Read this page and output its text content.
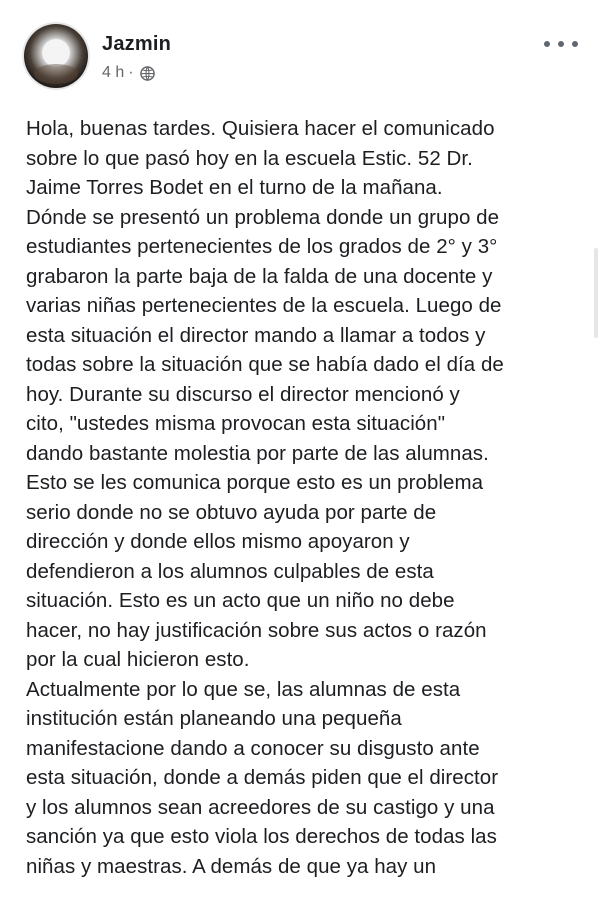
Jazmin
4 h ·
Hola, buenas tardes. Quisiera hacer el comunicado
sobre lo que pasó hoy en la escuela Estic. 52 Dr.
Jaime Torres Bodet en el turno de la mañana.
Dónde se presentó un problema donde un grupo de
estudiantes pertenecientes de los grados de 2° y 3°
grabaron la parte baja de la falda de una docente y
varias niñas pertenecientes de la escuela. Luego de
esta situación el director mando a llamar a todos y
todas sobre la situación que se había dado el día de
hoy. Durante su discurso el director mencionó y
cito, "ustedes misma provocan esta situación"
dando bastante molestia por parte de las alumnas.
Esto se les comunica porque esto es un problema
serio donde no se obtuvo ayuda por parte de
dirección y donde ellos mismo apoyaron y
defendieron a los alumnos culpables de esta
situación. Esto es un acto que un niño no debe
hacer, no hay justificación sobre sus actos o razón
por la cual hicieron esto.
Actualmente por lo que se, las alumnas de esta
institución están planeando una pequeña
manifestacione dando a conocer su disgusto ante
esta situación, donde a demás piden que el director
y los alumnos sean acreedores de su castigo y una
sanción ya que esto viola los derechos de todas las
niñas y maestras. A demás de que ya hay un
